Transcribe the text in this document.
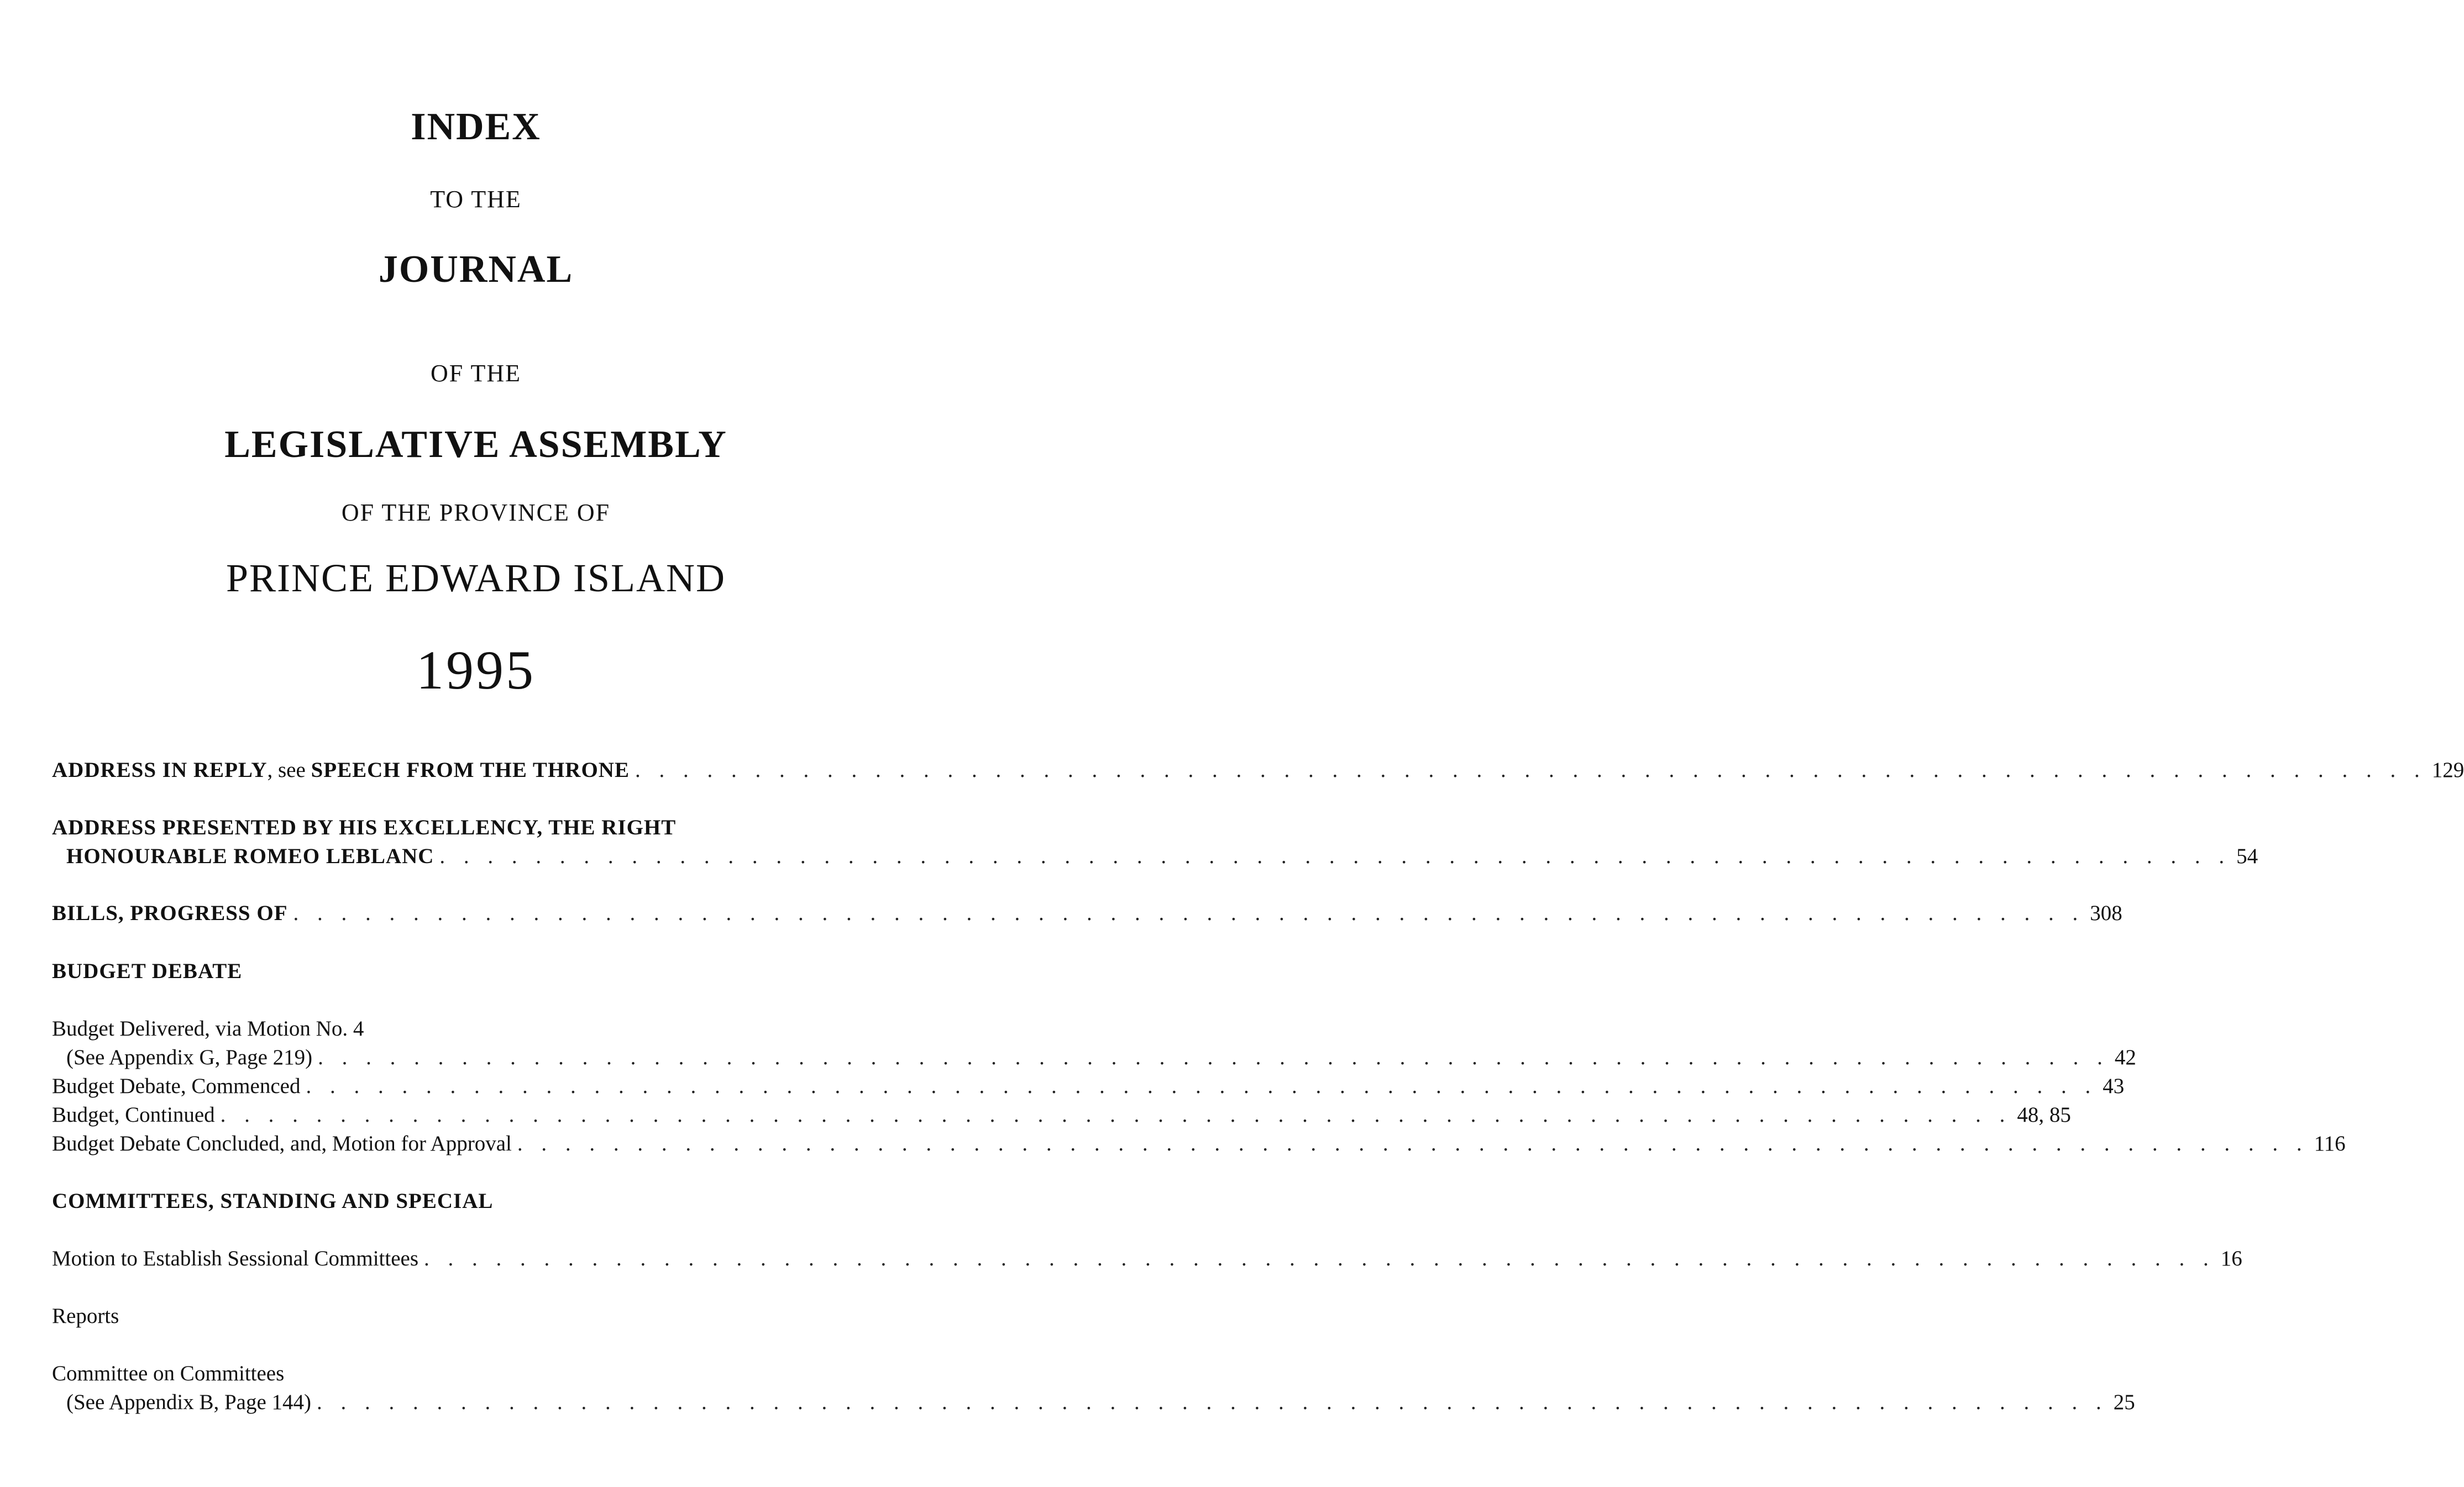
INDEX
TO THE
JOURNAL
OF THE
LEGISLATIVE ASSEMBLY
OF THE PROVINCE OF
PRINCE EDWARD ISLAND
1995
ADDRESS IN REPLY, see SPEECH FROM THE THRONE . . . . . . . . . . . . . . . . . . . . . . . . . . . . . . . . . . . . . . . . . . . . . . . . . . . . . . . . . . . . . . . . . . . . . . . . . . . 129
ADDRESS PRESENTED BY HIS EXCELLENCY, THE RIGHT
HONOURABLE ROMEO LEBLANC . . . . . . . . . . . . . . . . . . . . . . . . . . . . . . . . . . . . . . . . . . . . . . . . . . . . . . . . . . . . . . . . . . . . . . . . . . . 54
BILLS, PROGRESS OF . . . . . . . . . . . . . . . . . . . . . . . . . . . . . . . . . . . . . . . . . . . . . . . . . . . . . . . . . . . . . . . . . . . . . . . . . . . 308
BUDGET DEBATE
Budget Delivered, via Motion No. 4
(See Appendix G, Page 219) . . . . . . . . . . . . . . . . . . . . . . . . . . . . . . . . . . . . . . . . . . . . . . . . . . . . . . . . . . . . . . . . . . . . . . . . . . . 42
Budget Debate, Commenced . . . . . . . . . . . . . . . . . . . . . . . . . . . . . . . . . . . . . . . . . . . . . . . . . . . . . . . . . . . . . . . . . . . . . . . . . . . 43
Budget, Continued . . . . . . . . . . . . . . . . . . . . . . . . . . . . . . . . . . . . . . . . . . . . . . . . . . . . . . . . . . . . . . . . . . . . . . . . . . . 48, 85
Budget Debate Concluded, and, Motion for Approval . . . . . . . . . . . . . . . . . . . . . . . . . . . . . . . . . . . . . . . . . . . . . . . . . . . . . . . . . . . . . . . . . . . . . . . . . . . 116
COMMITTEES, STANDING AND SPECIAL
Motion to Establish Sessional Committees . . . . . . . . . . . . . . . . . . . . . . . . . . . . . . . . . . . . . . . . . . . . . . . . . . . . . . . . . . . . . . . . . . . . . . . . . . . 16
Reports
Committee on Committees
(See Appendix B, Page 144) . . . . . . . . . . . . . . . . . . . . . . . . . . . . . . . . . . . . . . . . . . . . . . . . . . . . . . . . . . . . . . . . . . . . . . . . . . . 25
